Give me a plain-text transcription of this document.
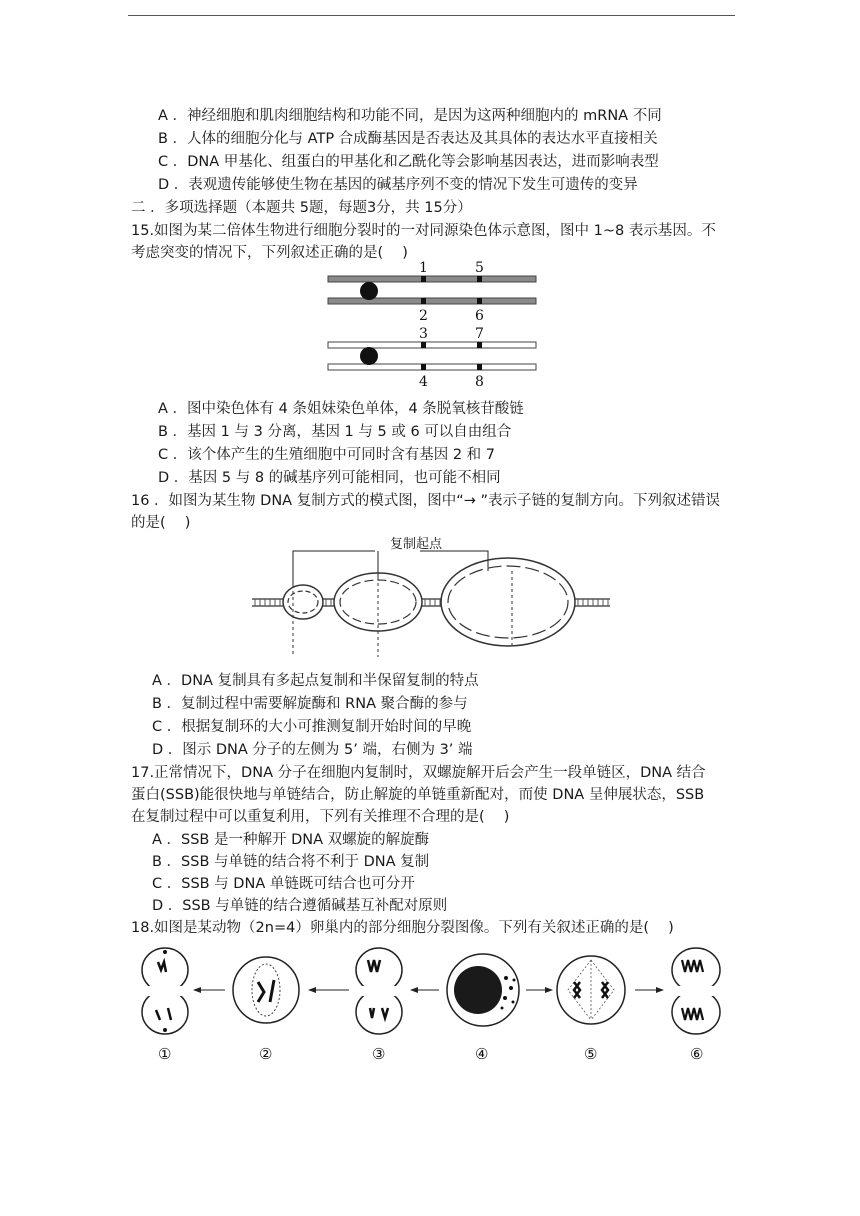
A ．神经细胞和肌肉细胞结构和功能不同，是因为这两种细胞内的 mRNA 不同
B ．人体的细胞分化与 ATP 合成酶基因是否表达及其具体的表达水平直接相关
C ．DNA 甲基化、组蛋白的甲基化和乙酰化等会影响基因表达，进而影响表型
D ．表观遗传能够使生物在基因的碱基序列不变的情况下发生可遗传的变异
二 ．多项选择题（本题共 5题，每题3分，共 15分）
15.如图为某二倍体生物进行细胞分裂时的一对同源染色体示意图，图中 1~8 表示基因。不
考虑突变的情况下，下列叙述正确的是(　 )
1	5
2	6
3	7
4	8
A ．图中染色体有 4 条姐妹染色单体，4 条脱氧核苷酸链
B ．基因 1 与 3 分离，基因 1 与 5 或 6 可以自由组合
C ．该个体产生的生殖细胞中可同时含有基因 2 和 7
D ．基因 5 与 8 的碱基序列可能相同，也可能不相同
16 ．如图为某生物 DNA 复制方式的模式图，图中“→ ”表示子链的复制方向。下列叙述错误
的是(　 )
复制起点
A ．DNA 复制具有多起点复制和半保留复制的特点
B ．复制过程中需要解旋酶和 RNA 聚合酶的参与
C ．根据复制环的大小可推测复制开始时间的早晚
D ．图示 DNA 分子的左侧为 5’ 端，右侧为 3’ 端
17.正常情况下，DNA 分子在细胞内复制时，双螺旋解开后会产生一段单链区，DNA 结合
蛋白(SSB)能很快地与单链结合，防止解旋的单链重新配对，而使 DNA 呈伸展状态，SSB
在复制过程中可以重复利用，下列有关推理不合理的是(　 )
A ．SSB 是一种解开 DNA 双螺旋的解旋酶
B ．SSB 与单链的结合将不利于 DNA 复制
C ．SSB 与 DNA 单链既可结合也可分开
D ．SSB 与单链的结合遵循碱基互补配对原则
18.如图是某动物（2n=4）卵巢内的部分细胞分裂图像。下列有关叙述正确的是(　 )
①	②	③	④	⑤	⑥
